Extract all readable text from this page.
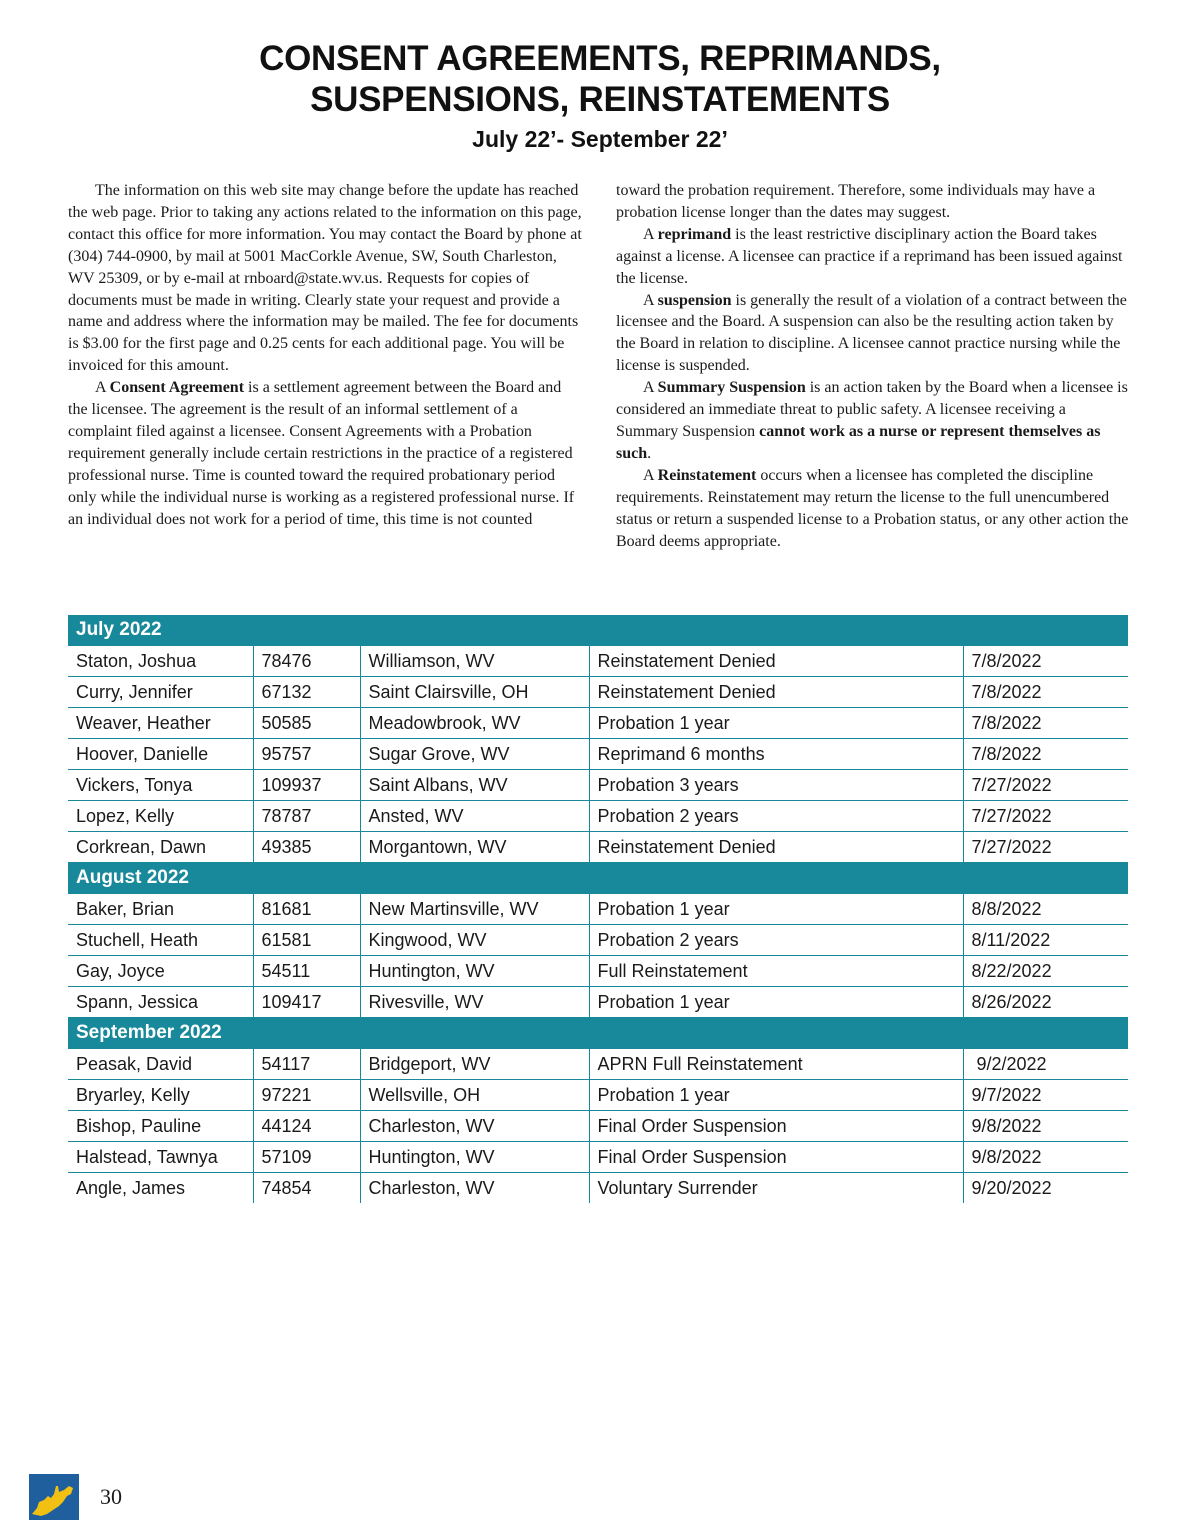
CONSENT AGREEMENTS, REPRIMANDS,
SUSPENSIONS, REINSTATEMENTS
July 22’- September 22’

The information on this web site may change before the update has reached the web page. Prior to taking any actions related to the information on this page, contact this office for more information. You may contact the Board by phone at (304) 744-0900, by mail at 5001 MacCorkle Avenue, SW, South Charleston, WV 25309, or by e-mail at rnboard@state.wv.us. Requests for copies of documents must be made in writing. Clearly state your request and provide a name and address where the information may be mailed. The fee for documents is $3.00 for the first page and 0.25 cents for each additional page. You will be invoiced for this amount.

A Consent Agreement is a settlement agreement between the Board and the licensee. The agreement is the result of an informal settlement of a complaint filed against a licensee. Consent Agreements with a Probation requirement generally include certain restrictions in the practice of a registered professional nurse. Time is counted toward the required probationary period only while the individual nurse is working as a registered professional nurse. If an individual does not work for a period of time, this time is not counted

toward the probation requirement. Therefore, some individuals may have a probation license longer than the dates may suggest.

A reprimand is the least restrictive disciplinary action the Board takes against a license. A licensee can practice if a reprimand has been issued against the license.

A suspension is generally the result of a violation of a contract between the licensee and the Board. A suspension can also be the resulting action taken by the Board in relation to discipline. A licensee cannot practice nursing while the license is suspended.

A Summary Suspension is an action taken by the Board when a licensee is considered an immediate threat to public safety. A licensee receiving a Summary Suspension cannot work as a nurse or represent themselves as such.

A Reinstatement occurs when a licensee has completed the discipline requirements. Reinstatement may return the license to the full unencumbered status or return a suspended license to a Probation status, or any other action the Board deems appropriate.

July 2022				
Staton, Joshua	78476	Williamson, WV	Reinstatement Denied	7/8/2022
Curry, Jennifer	67132	Saint Clairsville, OH	Reinstatement Denied	7/8/2022
Weaver, Heather	50585	Meadowbrook, WV	Probation 1 year	7/8/2022
Hoover, Danielle	95757	Sugar Grove, WV	Reprimand 6 months	7/8/2022
Vickers, Tonya	109937	Saint Albans, WV	Probation 3 years	7/27/2022
Lopez, Kelly	78787	Ansted, WV	Probation 2 years	7/27/2022
Corkrean, Dawn	49385	Morgantown, WV	Reinstatement Denied	7/27/2022
August 2022				
Baker, Brian	81681	New Martinsville, WV	Probation 1 year	8/8/2022
Stuchell, Heath	61581	Kingwood, WV	Probation 2 years	8/11/2022
Gay, Joyce	54511	Huntington, WV	Full Reinstatement	8/22/2022
Spann, Jessica	109417	Rivesville, WV	Probation 1 year	8/26/2022
September 2022				
Peasak, David	54117	Bridgeport, WV	APRN Full Reinstatement	9/2/2022
Bryarley, Kelly	97221	Wellsville, OH	Probation 1 year	9/7/2022
Bishop, Pauline	44124	Charleston, WV	Final Order Suspension	9/8/2022
Halstead, Tawnya	57109	Huntington, WV	Final Order Suspension	9/8/2022
Angle, James	74854	Charleston, WV	Voluntary Surrender	9/20/2022
30
